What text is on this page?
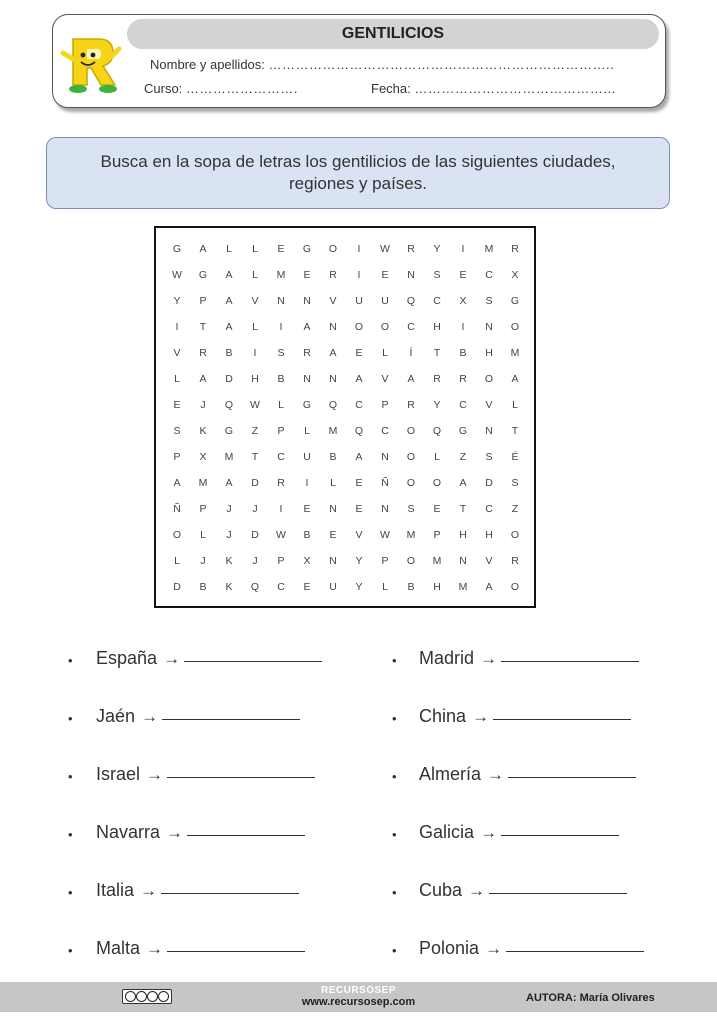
GENTILICIOS
Nombre y apellidos: …………………………………………………………………..
Curso: …………………….	Fecha: ……………………………………...
Busca en la sopa de letras los gentilicios de las siguientes ciudades, regiones y países.
G	A	L	L	E	G	O	I	W	R	Y	I	M	R
W	G	A	L	M	E	R	I	E	N	S	E	C	X
Y	P	A	V	N	N	V	U	U	Q	C	X	S	G
I	T	A	L	I	A	N	O	O	C	H	I	N	O
V	R	B	I	S	R	A	E	L	Í	T	B	H	M
L	A	D	H	B	N	N	A	V	A	R	R	O	A
E	J	Q	W	L	G	Q	C	P	R	Y	C	V	L
S	K	G	Z	P	L	M	Q	C	O	Q	G	N	T
P	X	M	T	C	U	B	A	N	O	L	Z	S	É
A	M	A	D	R	I	L	E	Ñ	O	O	A	D	S
Ñ	P	J	J	I	E	N	E	N	S	E	T	C	Z
O	L	J	D	W	B	E	V	W	M	P	H	H	O
L	J	K	J	P	X	N	Y	P	O	M	N	V	R
D	B	K	Q	C	E	U	Y	L	B	H	M	A	O
• España →
• Jaén →
• Israel →
• Navarra →
• Italia →
• Malta →
• Madrid →
• China →
• Almería →
• Galicia →
• Cuba →
• Polonia →
RECURSOSEP
www.recursosep.com	AUTORA: María Olivares
